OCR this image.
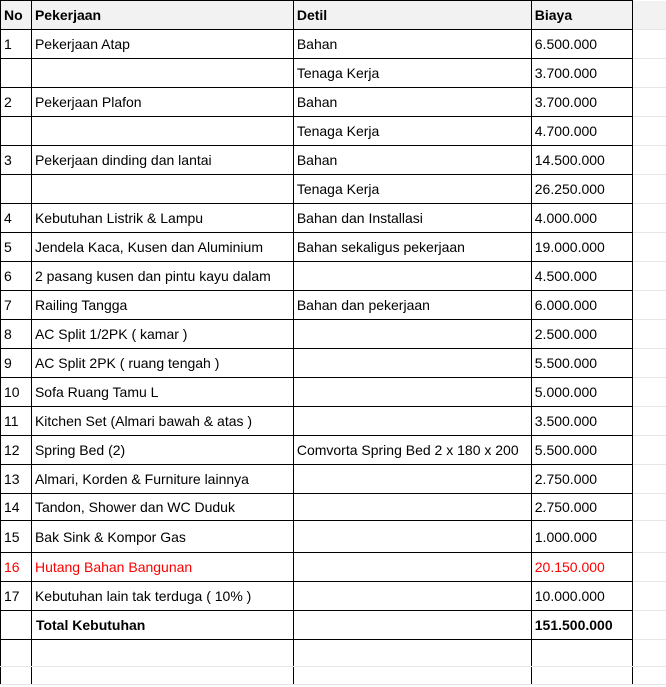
No	Pekerjaan	Detil	Biaya	
1	Pekerjaan Atap	Bahan	6.500.000	
		Tenaga Kerja	3.700.000	
2	Pekerjaan Plafon	Bahan	3.700.000	
		Tenaga Kerja	4.700.000	
3	Pekerjaan dinding dan lantai	Bahan	14.500.000	
		Tenaga Kerja	26.250.000	
4	Kebutuhan Listrik & Lampu	Bahan dan Installasi	4.000.000	
5	Jendela Kaca, Kusen dan Aluminium	Bahan sekaligus pekerjaan	19.000.000	
6	2 pasang kusen dan pintu kayu dalam		4.500.000	
7	Railing Tangga	Bahan dan pekerjaan	6.000.000	
8	AC Split 1/2PK ( kamar )		2.500.000	
9	AC Split 2PK ( ruang tengah )		5.500.000	
10	Sofa Ruang Tamu L		5.000.000	
11	Kitchen Set (Almari bawah & atas )		3.500.000	
12	Spring Bed (2)	Comvorta Spring Bed 2 x 180 x 200	5.500.000	
13	Almari, Korden & Furniture lainnya		2.750.000	
14	Tandon, Shower dan WC Duduk		2.750.000	
15	Bak Sink & Kompor Gas		1.000.000	
16	Hutang Bahan Bangunan		20.150.000	
17	Kebutuhan lain tak terduga ( 10% )		10.000.000	
	Total Kebutuhan		151.500.000	
